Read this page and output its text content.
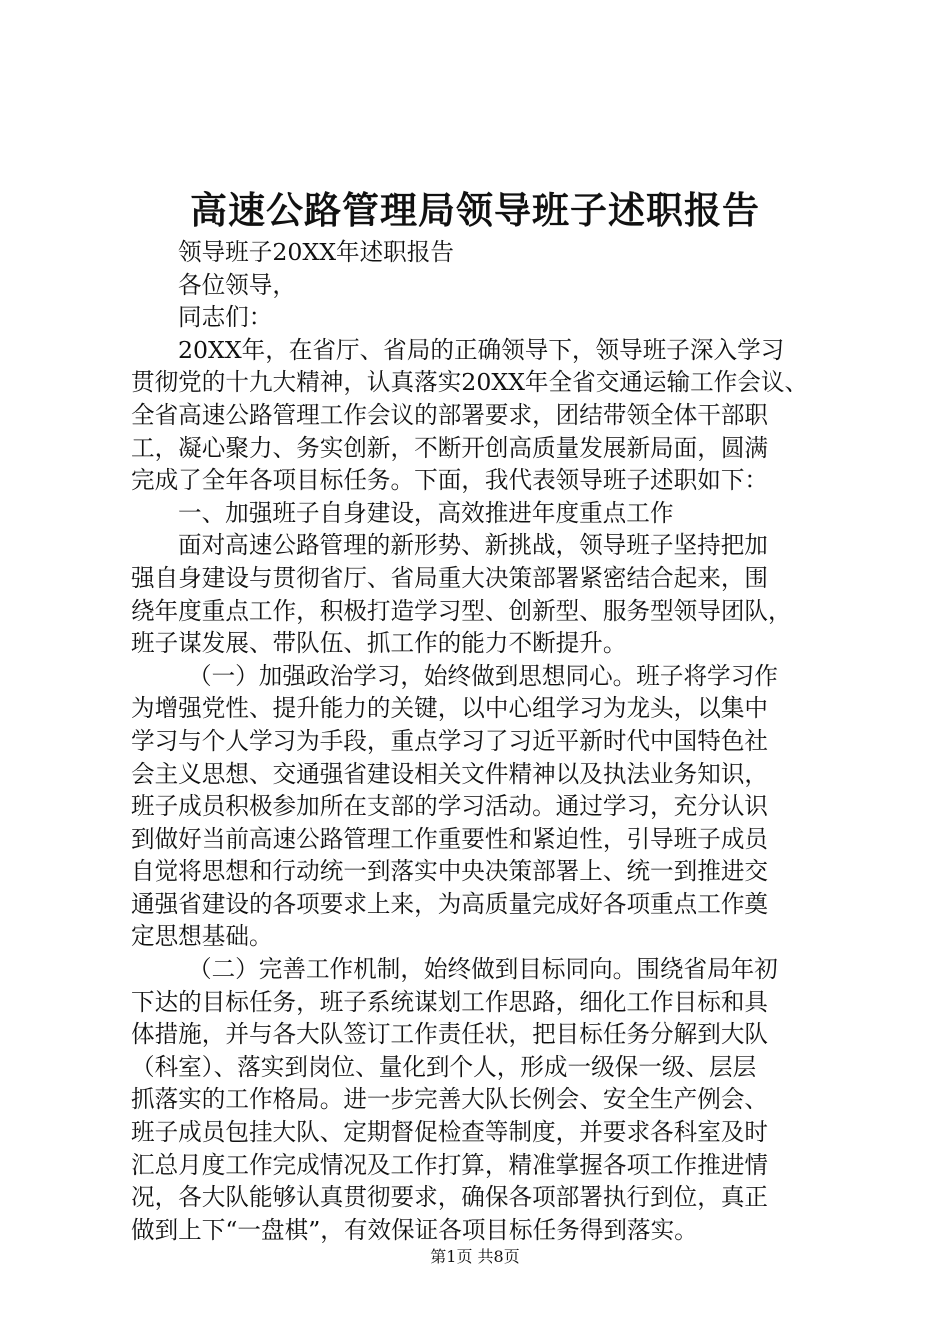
高速公路管理局领导班子述职报告
领导班子20XX年述职报告
各位领导，
同志们：
20XX年，在省厅、省局的正确领导下，领导班子深入学习
贯彻党的十九大精神，认真落实20XX年全省交通运输工作会议、
全省高速公路管理工作会议的部署要求，团结带领全体干部职
工，凝心聚力、务实创新，不断开创高质量发展新局面，圆满
完成了全年各项目标任务。下面，我代表领导班子述职如下：
一、加强班子自身建设，高效推进年度重点工作
面对高速公路管理的新形势、新挑战，领导班子坚持把加
强自身建设与贯彻省厅、省局重大决策部署紧密结合起来，围
绕年度重点工作，积极打造学习型、创新型、服务型领导团队，
班子谋发展、带队伍、抓工作的能力不断提升。
（一）加强政治学习，始终做到思想同心。班子将学习作
为增强党性、提升能力的关键，以中心组学习为龙头，以集中
学习与个人学习为手段，重点学习了习近平新时代中国特色社
会主义思想、交通强省建设相关文件精神以及执法业务知识，
班子成员积极参加所在支部的学习活动。通过学习，充分认识
到做好当前高速公路管理工作重要性和紧迫性，引导班子成员
自觉将思想和行动统一到落实中央决策部署上、统一到推进交
通强省建设的各项要求上来，为高质量完成好各项重点工作奠
定思想基础。
（二）完善工作机制，始终做到目标同向。围绕省局年初
下达的目标任务，班子系统谋划工作思路，细化工作目标和具
体措施，并与各大队签订工作责任状，把目标任务分解到大队
（科室）、落实到岗位、量化到个人，形成一级保一级、层层
抓落实的工作格局。进一步完善大队长例会、安全生产例会、
班子成员包挂大队、定期督促检查等制度，并要求各科室及时
汇总月度工作完成情况及工作打算，精准掌握各项工作推进情
况，各大队能够认真贯彻要求，确保各项部署执行到位，真正
做到上下“一盘棋”，有效保证各项目标任务得到落实。
第1页 共8页
